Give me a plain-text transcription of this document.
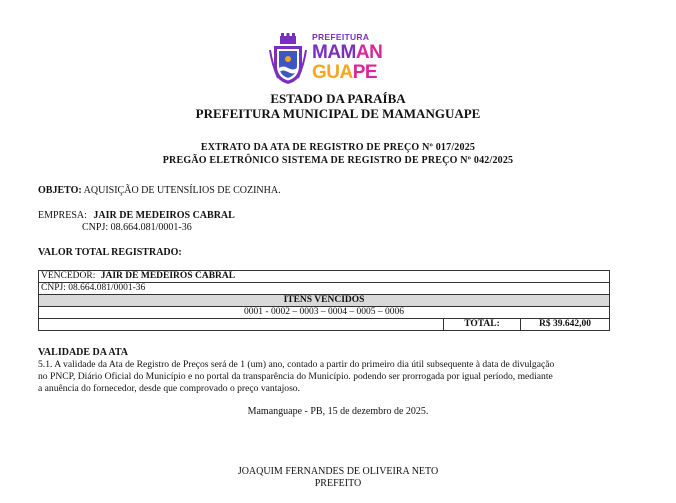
PREFEITURA
MAMAN
GUAPE
ESTADO DA PARAÍBA
PREFEITURA MUNICIPAL DE MAMANGUAPE
EXTRATO DA ATA DE REGISTRO DE PREÇO Nº 017/2025
PREGÃO ELETRÔNICO SISTEMA DE REGISTRO DE PREÇO Nº 042/2025
OBJETO: AQUISIÇÃO DE UTENSÍLIOS DE COZINHA.
EMPRESA: JAIR DE MEDEIROS CABRAL
CNPJ: 08.664.081/0001-36
VALOR TOTAL REGISTRADO:
VENCEDOR: JAIR DE MEDEIROS CABRAL
CNPJ: 08.664.081/0001-36
ITENS VENCIDOS
0001 - 0002 – 0003 – 0004 – 0005 – 0006
	TOTAL:	R$ 39.642,00
VALIDADE DA ATA
5.1. A validade da Ata de Registro de Preços será de 1 (um) ano, contado a partir do primeiro dia útil subsequente à data de divulgação
no PNCP, Diário Oficial do Município e no portal da transparência do Município. podendo ser prorrogada por igual período, mediante
a anuência do fornecedor, desde que comprovado o preço vantajoso.
Mamanguape - PB, 15 de dezembro de 2025.
JOAQUIM FERNANDES DE OLIVEIRA NETO
PREFEITO
